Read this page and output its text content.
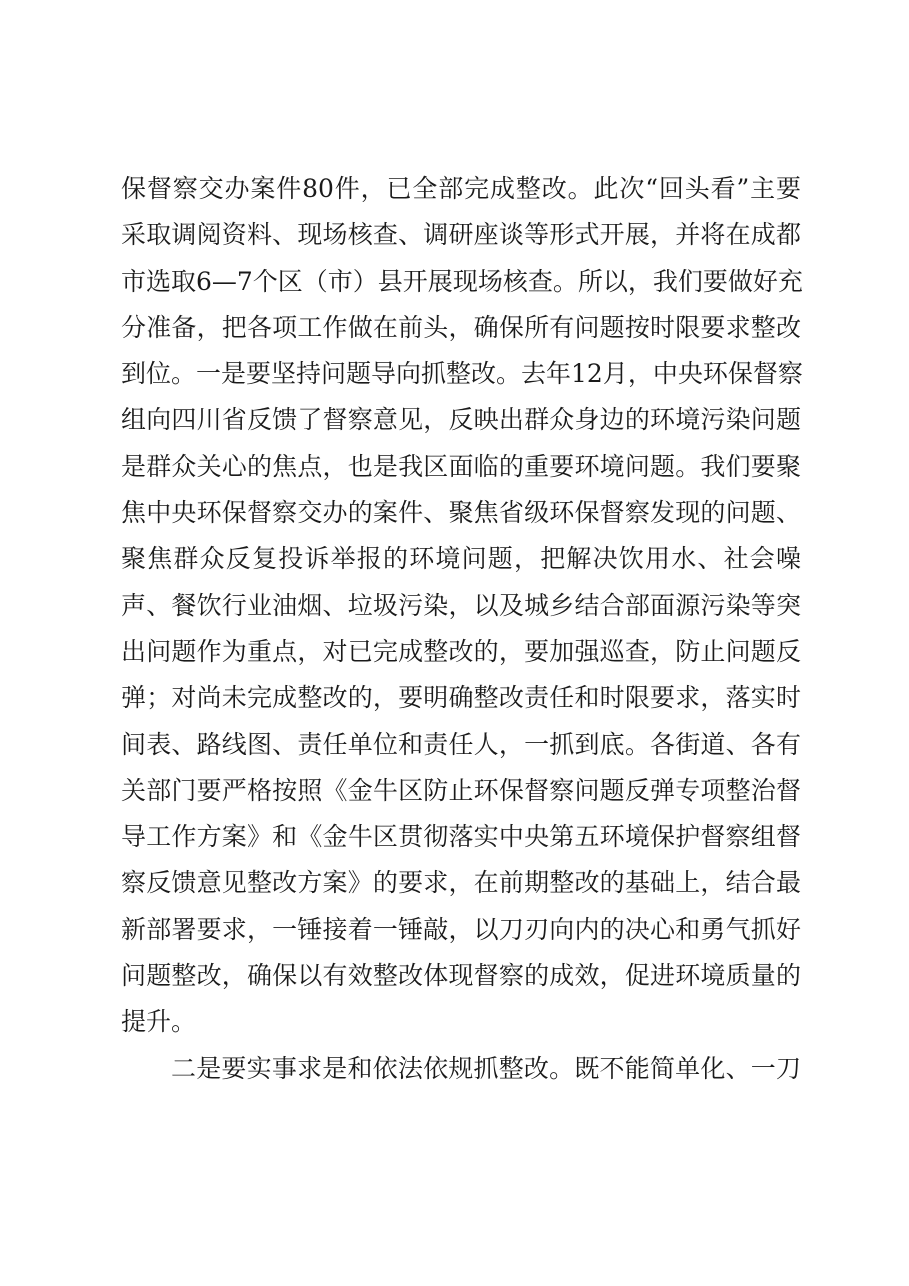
保督察交办案件80件，已全部完成整改。此次“回头看”主要
采取调阅资料、现场核查、调研座谈等形式开展，并将在成都
市选取6—7个区（市）县开展现场核查。所以，我们要做好充
分准备，把各项工作做在前头，确保所有问题按时限要求整改
到位。一是要坚持问题导向抓整改。去年12月，中央环保督察
组向四川省反馈了督察意见，反映出群众身边的环境污染问题
是群众关心的焦点，也是我区面临的重要环境问题。我们要聚
焦中央环保督察交办的案件、聚焦省级环保督察发现的问题、
聚焦群众反复投诉举报的环境问题，把解决饮用水、社会噪
声、餐饮行业油烟、垃圾污染，以及城乡结合部面源污染等突
出问题作为重点，对已完成整改的，要加强巡查，防止问题反
弹；对尚未完成整改的，要明确整改责任和时限要求，落实时
间表、路线图、责任单位和责任人，一抓到底。各街道、各有
关部门要严格按照《金牛区防止环保督察问题反弹专项整治督
导工作方案》和《金牛区贯彻落实中央第五环境保护督察组督
察反馈意见整改方案》的要求，在前期整改的基础上，结合最
新部署要求，一锤接着一锤敲，以刀刃向内的决心和勇气抓好
问题整改，确保以有效整改体现督察的成效，促进环境质量的
提升。
二是要实事求是和依法依规抓整改。既不能简单化、一刀
